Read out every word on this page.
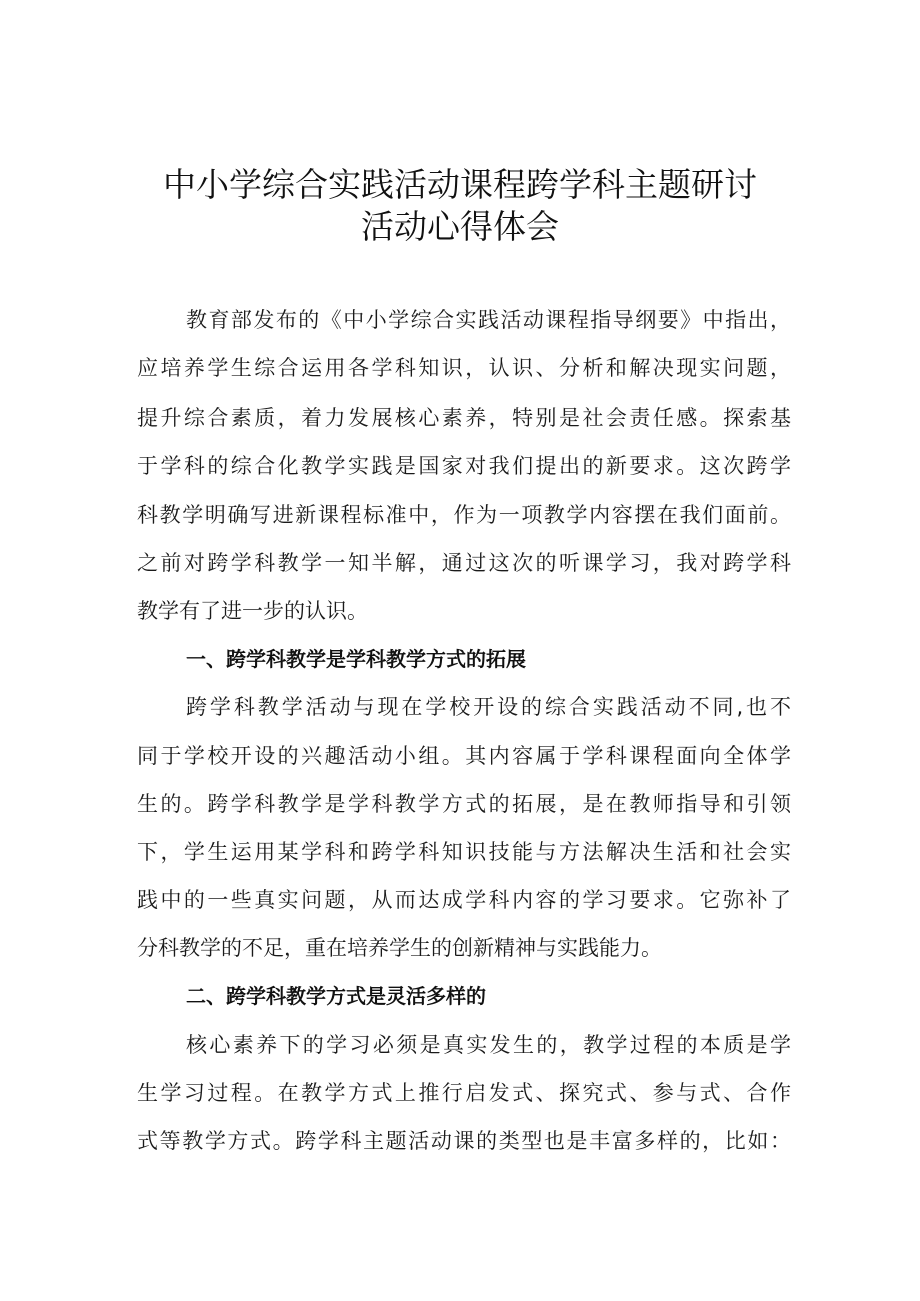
中小学综合实践活动课程跨学科主题研讨
活动心得体会
教育部发布的《中小学综合实践活动课程指导纲要》中指出，
应培养学生综合运用各学科知识，认识、分析和解决现实问题，
提升综合素质，着力发展核心素养，特别是社会责任感。探索基
于学科的综合化教学实践是国家对我们提出的新要求。这次跨学
科教学明确写进新课程标准中，作为一项教学内容摆在我们面前。
之前对跨学科教学一知半解，通过这次的听课学习，我对跨学科
教学有了进一步的认识。
一、跨学科教学是学科教学方式的拓展
跨学科教学活动与现在学校开设的综合实践活动不同,也不
同于学校开设的兴趣活动小组。其内容属于学科课程面向全体学
生的。跨学科教学是学科教学方式的拓展，是在教师指导和引领
下，学生运用某学科和跨学科知识技能与方法解决生活和社会实
践中的一些真实问题，从而达成学科内容的学习要求。它弥补了
分科教学的不足，重在培养学生的创新精神与实践能力。
二、跨学科教学方式是灵活多样的
核心素养下的学习必须是真实发生的，教学过程的本质是学
生学习过程。在教学方式上推行启发式、探究式、参与式、合作
式等教学方式。跨学科主题活动课的类型也是丰富多样的，比如：
